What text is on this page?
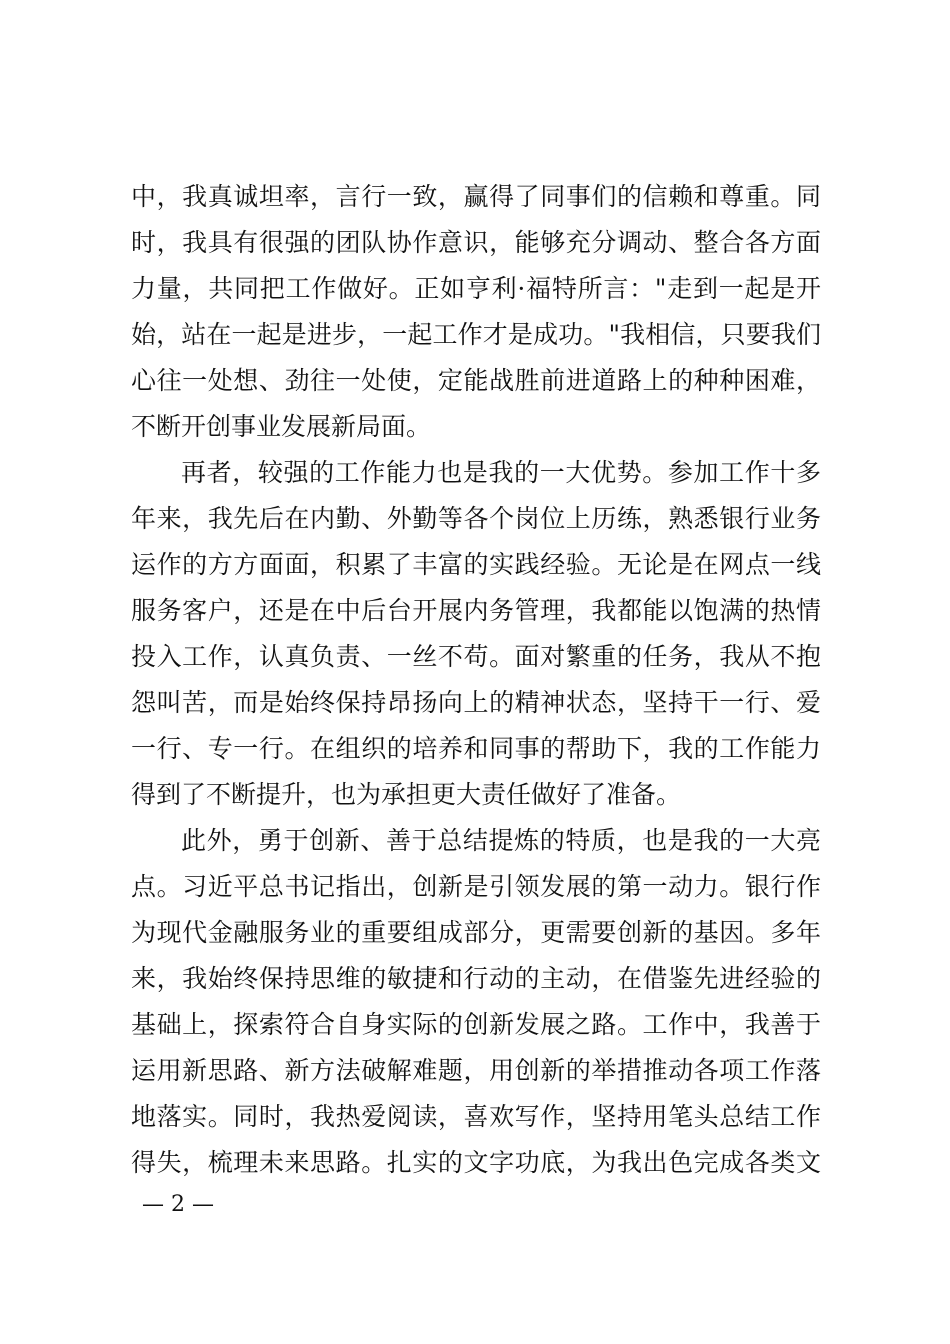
中，我真诚坦率，言行一致，赢得了同事们的信赖和尊重。同
时，我具有很强的团队协作意识，能够充分调动、整合各方面
力量，共同把工作做好。正如亨利·福特所言："走到一起是开
始，站在一起是进步，一起工作才是成功。"我相信，只要我们
心往一处想、劲往一处使，定能战胜前进道路上的种种困难，
不断开创事业发展新局面。
再者，较强的工作能力也是我的一大优势。参加工作十多
年来，我先后在内勤、外勤等各个岗位上历练，熟悉银行业务
运作的方方面面，积累了丰富的实践经验。无论是在网点一线
服务客户，还是在中后台开展内务管理，我都能以饱满的热情
投入工作，认真负责、一丝不苟。面对繁重的任务，我从不抱
怨叫苦，而是始终保持昂扬向上的精神状态，坚持干一行、爱
一行、专一行。在组织的培养和同事的帮助下，我的工作能力
得到了不断提升，也为承担更大责任做好了准备。
此外，勇于创新、善于总结提炼的特质，也是我的一大亮
点。习近平总书记指出，创新是引领发展的第一动力。银行作
为现代金融服务业的重要组成部分，更需要创新的基因。多年
来，我始终保持思维的敏捷和行动的主动，在借鉴先进经验的
基础上，探索符合自身实际的创新发展之路。工作中，我善于
运用新思路、新方法破解难题，用创新的举措推动各项工作落
地落实。同时，我热爱阅读，喜欢写作，坚持用笔头总结工作
得失，梳理未来思路。扎实的文字功底，为我出色完成各类文
— 2 —
